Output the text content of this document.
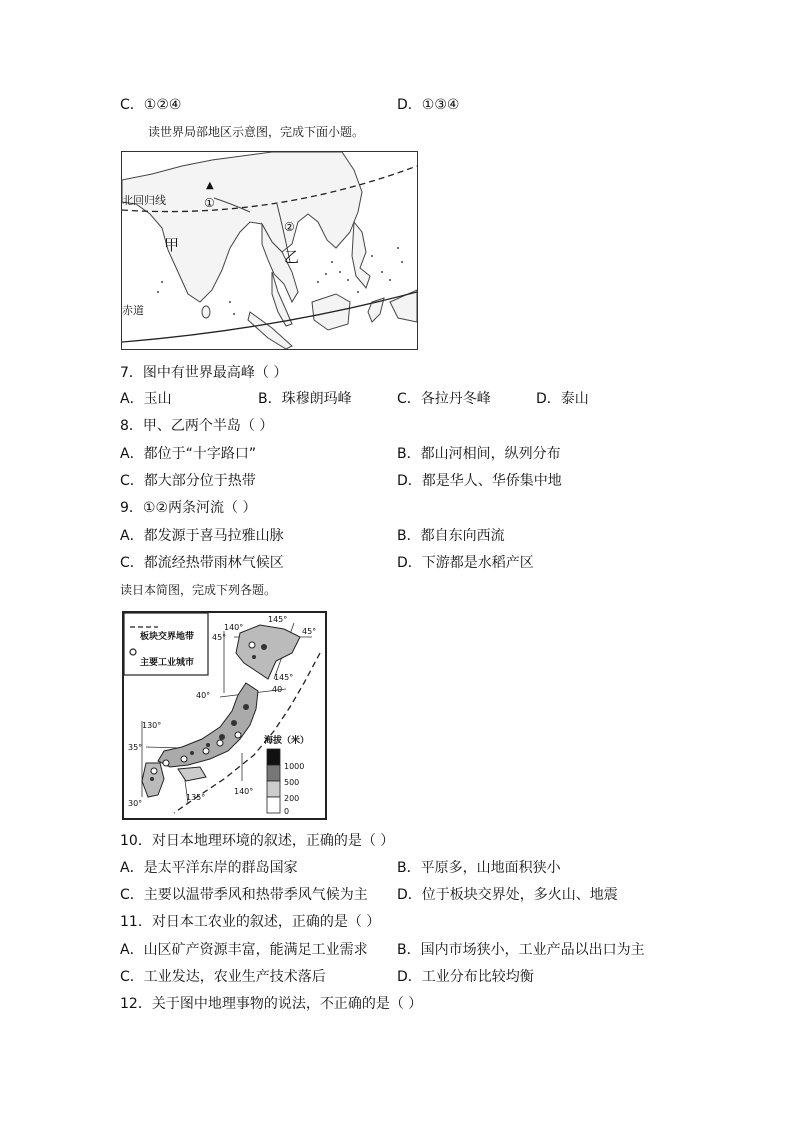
C．①②④	D．①③④
读世界局部地区示意图，完成下面小题。
北回归线
赤道
甲
乙
①
②
▲
7．图中有世界最高峰（ ）
A．玉山	B．珠穆朗玛峰	C．各拉丹冬峰	D．泰山
8．甲、乙两个半岛（ ）
A．都位于“十字路口”	B．都山河相间，纵列分布
C．都大部分位于热带	D．都是华人、华侨集中地
9．①②两条河流（ ）
A．都发源于喜马拉雅山脉	B．都自东向西流
C．都流经热带雨林气候区	D．下游都是水稻产区
读日本简图，完成下列各题。
板块交界地带
主要工业城市
海拔（米）
1000
500
200
0
140°
145°
45°
45°
145°
40°
40
130°
35°
30°
135°
140°
10．对日本地理环境的叙述，正确的是（ ）
A．是太平洋东岸的群岛国家	B．平原多，山地面积狭小
C．主要以温带季风和热带季风气候为主 D．位于板块交界处，多火山、地震
11．对日本工农业的叙述，正确的是（ ）
A．山区矿产资源丰富，能满足工业需求 B．国内市场狭小，工业产品以出口为主
C．工业发达，农业生产技术落后	D．工业分布比较均衡
12．关于图中地理事物的说法，不正确的是（ ）
